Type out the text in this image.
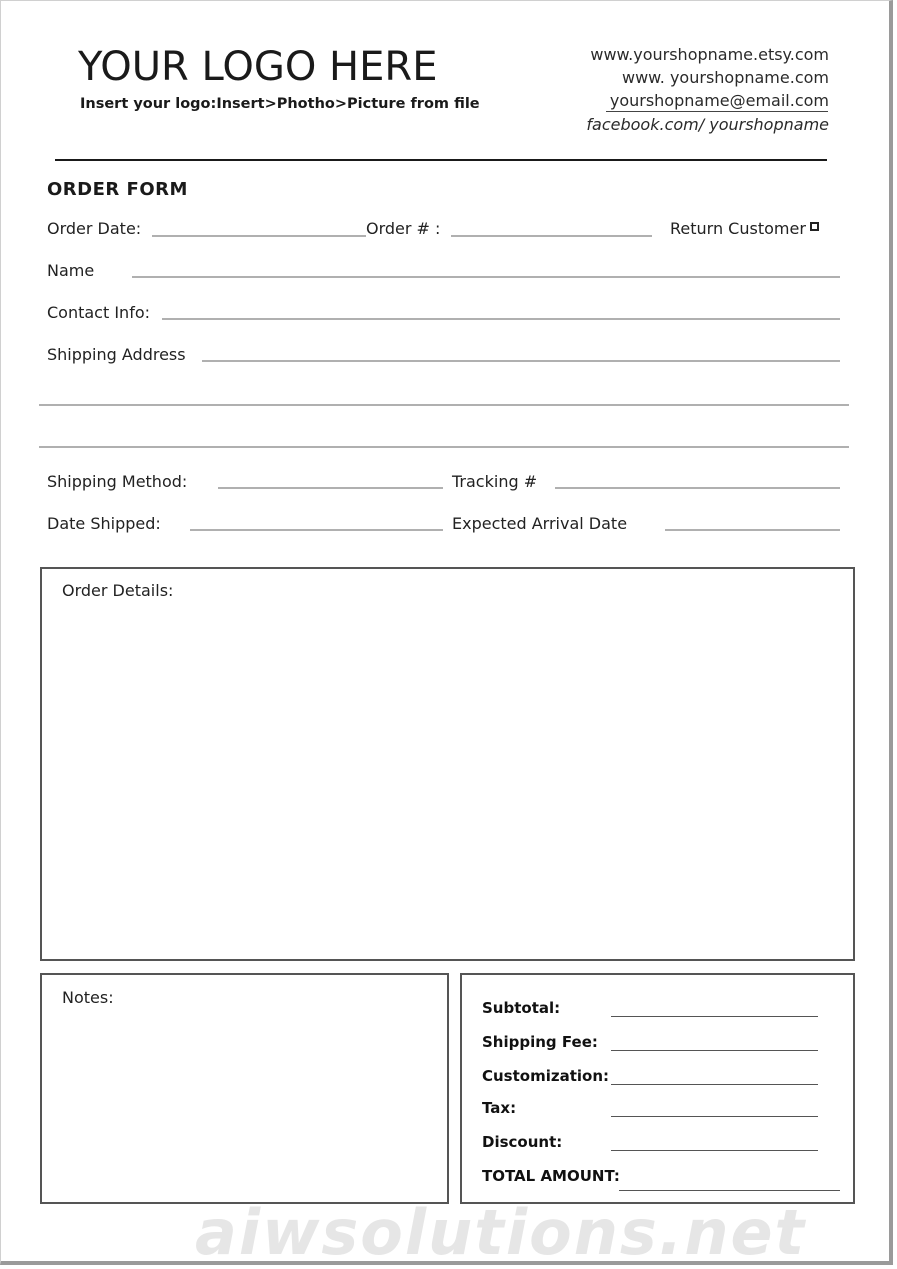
YOUR LOGO HERE
Insert your logo:Insert>Photho>Picture from file
www.yourshopname.etsy.com
www. yourshopname.com
yourshopname@email.com
facebook.com/ yourshopname
ORDER FORM
Order Date:	Order # :	Return Customer
Name
Contact Info:
Shipping Address
Shipping Method:	Tracking #
Date Shipped:	Expected Arrival Date
Order Details:
Notes:
Subtotal:
Shipping Fee:
Customization:
Tax:
Discount:
TOTAL AMOUNT:
aiwsolutions.net
